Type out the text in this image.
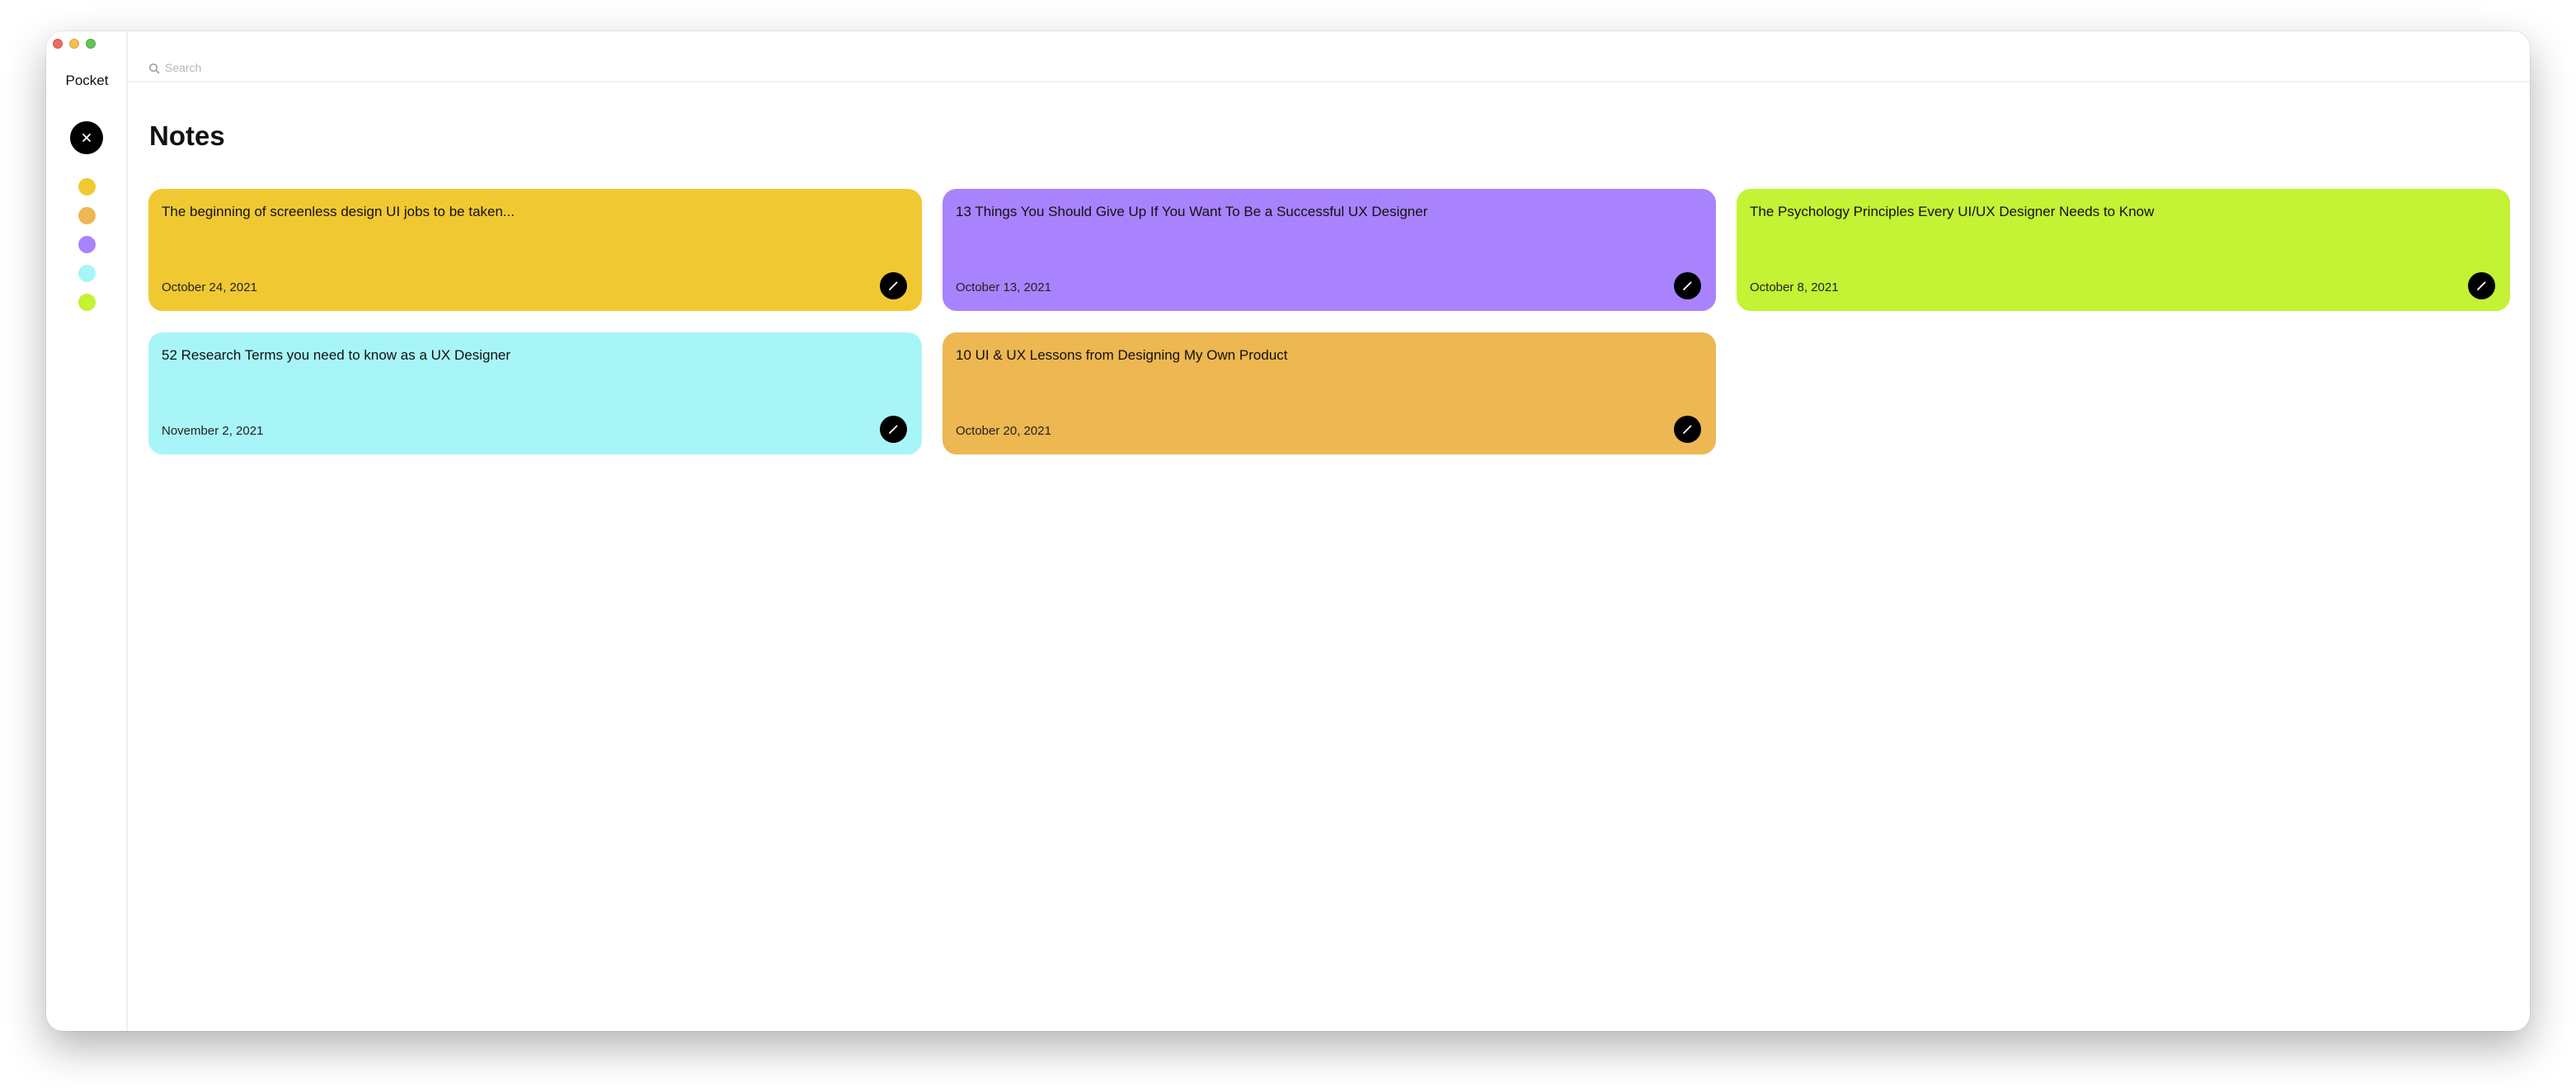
Pocket
Search
Notes
The beginning of screenless design UI jobs to be taken...
October 24, 2021
13 Things You Should Give Up If You Want To Be a Successful UX Designer
October 13, 2021
The Psychology Principles Every UI/UX Designer Needs to Know
October 8, 2021
52 Research Terms you need to know as a UX Designer
November 2, 2021
10 UI & UX Lessons from Designing My Own Product
October 20, 2021
